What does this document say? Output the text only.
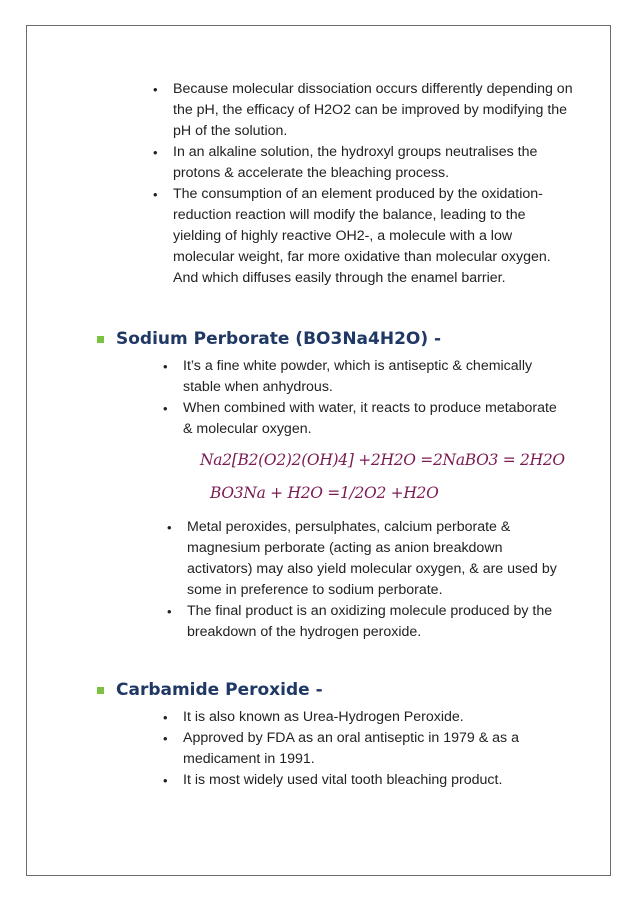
•	Because molecular dissociation occurs differently depending on
the pH, the efficacy of H2O2 can be improved by modifying the
pH of the solution.
•	In an alkaline solution, the hydroxyl groups neutralises the
protons & accelerate the bleaching process.
•	The consumption of an element produced by the oxidation-
reduction reaction will modify the balance, leading to the
yielding of highly reactive OH2-, a molecule with a low
molecular weight, far more oxidative than molecular oxygen.
And which diffuses easily through the enamel barrier.
Sodium Perborate (BO3Na4H2O) -
•	It’s a fine white powder, which is antiseptic & chemically
stable when anhydrous.
•	When combined with water, it reacts to produce metaborate
& molecular oxygen.
Na2[B2(O2)2(OH)4] +2H2O =2NaBO3 = 2H2O
BO3Na + H2O =1/2O2 +H2O
•	Metal peroxides, persulphates, calcium perborate &
magnesium perborate (acting as anion breakdown
activators) may also yield molecular oxygen, & are used by
some in preference to sodium perborate.
•	The final product is an oxidizing molecule produced by the
breakdown of the hydrogen peroxide.
Carbamide Peroxide -
•	It is also known as Urea-Hydrogen Peroxide.
•	Approved by FDA as an oral antiseptic in 1979 & as a
medicament in 1991.
•	It is most widely used vital tooth bleaching product.
